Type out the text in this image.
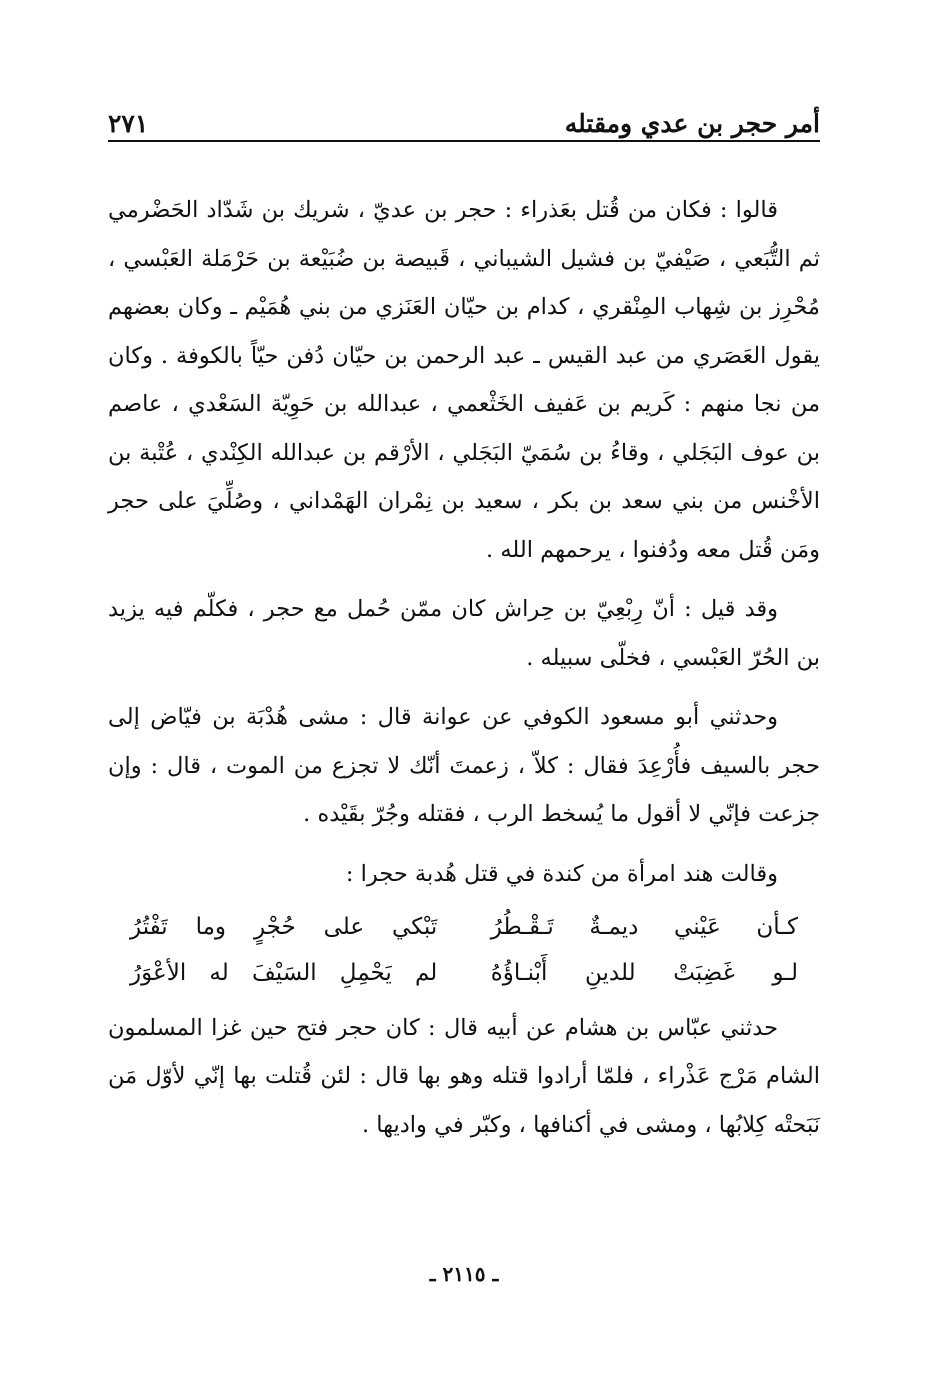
أمر حجر بن عدي ومقتله
٢٧١

قالوا : فكان من قُتل بعَذراء : حجر بن عديّ ، شريك بن شَدّاد الحَضْرمي ثم التُّبَعي ، صَيْفيّ بن فشيل الشيباني ، قَبيصة بن ضُبَيْعة بن حَرْمَلة العَبْسي ، مُحْرِز بن شِهاب المِنْقري ، كدام بن حيّان العَنَزي من بني هُمَيْم ـ وكان بعضهم يقول العَصَري من عبد القيس ـ عبد الرحمن بن حيّان دُفن حيّاً بالكوفة . وكان من نجا منهم : كَريم بن عَفيف الخَثْعمي ، عبدالله بن حَوِيّة السَعْدي ، عاصم بن عوف البَجَلي ، وقاءُ بن سُمَيّ البَجَلي ، الأرْقم بن عبدالله الكِنْدي ، عُتْبة بن الأخْنس من بني سعد بن بكر ، سعيد بن نِمْران الهَمْداني ، وصُلِّيَ على حجر ومَن قُتل معه ودُفنوا ، يرحمهم الله .

وقد قيل : أنّ رِبْعِيّ بن حِراش كان ممّن حُمل مع حجر ، فكلّم فيه يزيد بن الحُرّ العَبْسي ، فخلّى سبيله .

وحدثني أبو مسعود الكوفي عن عوانة قال : مشى هُدْبَة بن فيّاض إلى حجر بالسيف فأُرْعِدَ فقال : كلاّ ، زعمتَ أنّك لا تجزع من الموت ، قال : وإن جزعت فإنّي لا أقول ما يُسخط الرب ، فقتله وجُرّ بقَيْده .

وقالت هند امرأة من كندة في قتل هُدبة حجرا :

كـأن عَيْني ديمـةٌ تَـقْـطُرُ
تَبْكي على حُجْرٍ وما تَفْتُرُ
لـو غَضِبَتْ للدينِ أَبْنـاؤُهُ
لم يَحْمِلِ السَيْفَ له الأعْوَرُ

حدثني عبّاس بن هشام عن أبيه قال : كان حجر فتح حين غزا المسلمون الشام مَرْج عَذْراء ، فلمّا أرادوا قتله وهو بها قال : لئن قُتلت بها إنّي لأوّل مَن نَبَحتْه كِلابُها ، ومشى في أكنافها ، وكبّر في واديها .

ـ ٢١١٥ ـ
